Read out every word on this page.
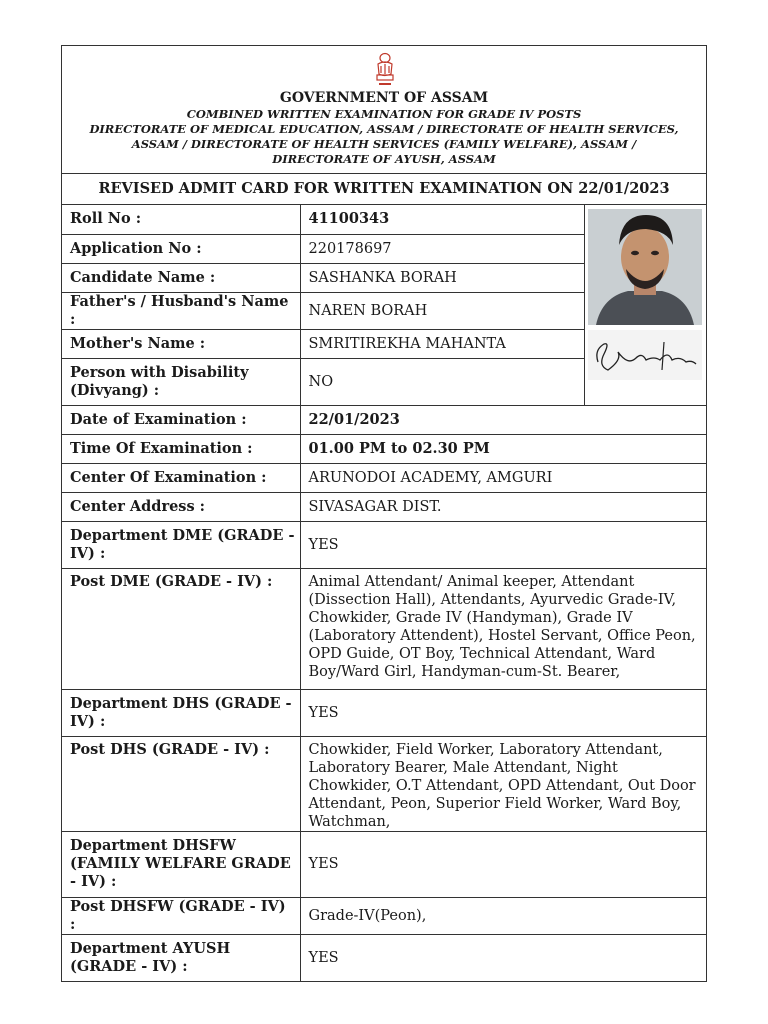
GOVERNMENT OF ASSAM
COMBINED WRITTEN EXAMINATION FOR GRADE IV POSTS
DIRECTORATE OF MEDICAL EDUCATION, ASSAM / DIRECTORATE OF HEALTH SERVICES,
ASSAM / DIRECTORATE OF HEALTH SERVICES (FAMILY WELFARE), ASSAM /
DIRECTORATE OF AYUSH, ASSAM
REVISED ADMIT CARD FOR WRITTEN EXAMINATION ON 22/01/2023
Roll No :	41100343	

Application No :	220178697	
Candidate Name :	SASHANKA BORAH	
Father's / Husband's Name :	NAREN BORAH	
Mother's Name :	SMRITIREKHA MAHANTA	
Person with Disability (Divyang) :	NO	
Date of Examination :	22/01/2023	
Time Of Examination :	01.00 PM to 02.30 PM	
Center Of Examination :	ARUNODOI ACADEMY, AMGURI	
Center Address :	SIVASAGAR DIST.	
Department DME (GRADE - IV) :	YES	
Post DME (GRADE - IV) :	Animal Attendant/ Animal keeper, Attendant (Dissection Hall), Attendants, Ayurvedic Grade-IV, Chowkider, Grade IV (Handyman), Grade IV (Laboratory Attendent), Hostel Servant, Office Peon, OPD Guide, OT Boy, Technical Attendant, Ward Boy/Ward Girl, Handyman-cum-St. Bearer,	
Department DHS (GRADE - IV) :	YES	
Post DHS (GRADE - IV) :	Chowkider, Field Worker, Laboratory Attendant, Laboratory Bearer, Male Attendant, Night Chowkider, O.T Attendant, OPD Attendant, Out Door Attendant, Peon, Superior Field Worker, Ward Boy, Watchman,	
Department DHSFW (FAMILY WELFARE GRADE - IV) :	YES	
Post DHSFW (GRADE - IV) :	Grade-IV(Peon),	
Department AYUSH (GRADE - IV) :	YES	
